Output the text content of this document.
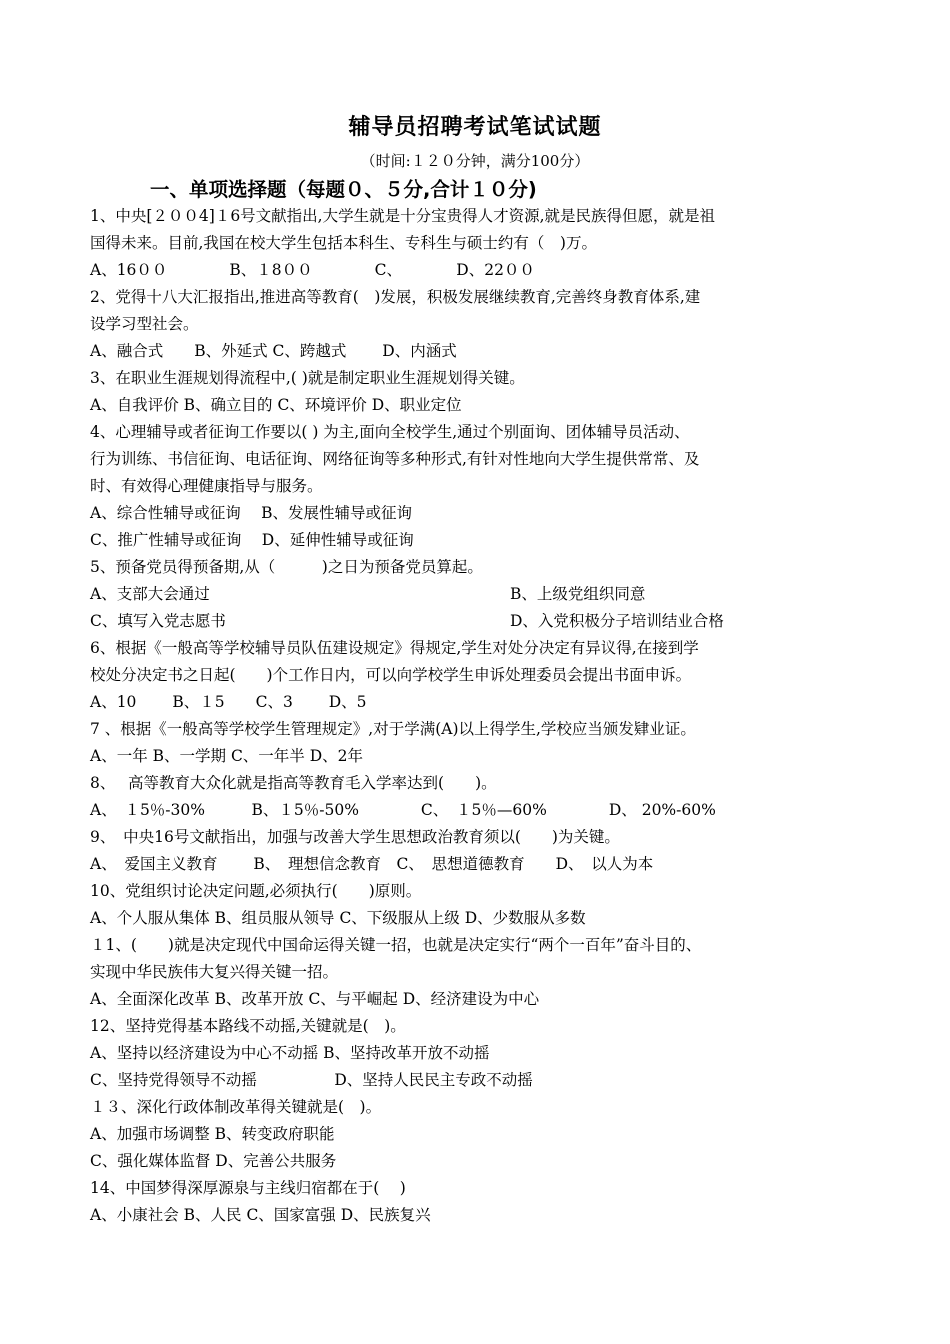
辅导员招聘考试笔试试题
（时间:１２０分钟，满分100分）
一、单项选择题（每题０、５分,合计１０分)
1、中央[２００4]１6号文献指出,大学生就是十分宝贵得人才资源,就是民族得但愿，就是祖
国得未来。目前,我国在校大学生包括本科生、专科生与硕士约有（　)万。
A、16００　　　　B、１8００　　　　C、　　　　D、22００
2、党得十八大汇报指出,推进高等教育(　)发展，积极发展继续教育,完善终身教育体系,建
设学习型社会。
A、融合式　　B、外延式 C、跨越式　　 D、内涵式
3、在职业生涯规划得流程中,( )就是制定职业生涯规划得关键。
A、自我评价 B、确立目的 C、环境评价 D、职业定位
4、心理辅导或者征询工作要以( ) 为主,面向全校学生,通过个别面询、团体辅导员活动、
行为训练、书信征询、电话征询、网络征询等多种形式,有针对性地向大学生提供常常、及
时、有效得心理健康指导与服务。
A、综合性辅导或征询　 B、发展性辅导或征询
C、推广性辅导或征询　 D、延伸性辅导或征询
5、预备党员得预备期,从（　　　)之日为预备党员算起。
A、支部大会通过	B、上级党组织同意
C、填写入党志愿书	D、入党积极分子培训结业合格
6、根据《一般高等学校辅导员队伍建设规定》得规定,学生对处分决定有异议得,在接到学
校处分决定书之日起(　　)个工作日内，可以向学校学生申诉处理委员会提出书面申诉。
A、10　　 B、１5　　C、3　　 D、5
7 、根据《一般高等学校学生管理规定》,对于学满(A)以上得学生,学校应当颁发肄业证。
A、一年 B、一学期 C、一年半 D、2年
8、　 高等教育大众化就是指高等教育毛入学率达到(　　)。
A、　１5％-30%　　　B、１5％-50%　　　　C、　１5％—60%　　　　D、 20%-60%
9、　中央16号文献指出，加强与改善大学生思想政治教育须以(　　)为关键。
A、　爱国主义教育　　 B、　理想信念教育　C、　思想道德教育　　D、　以人为本
10、党组织讨论决定问题,必须执行(　　)原则。
A、个人服从集体 B、组员服从领导 C、下级服从上级 D、少数服从多数
１1、(　　)就是决定现代中国命运得关键一招，也就是决定实行“两个一百年”奋斗目的、
实现中华民族伟大复兴得关键一招。
A、全面深化改革 B、改革开放 C、与平崛起 D、经济建设为中心
12、坚持党得基本路线不动摇,关键就是(　)。
A、坚持以经济建设为中心不动摇 B、坚持改革开放不动摇
C、坚持党得领导不动摇　　　　　D、坚持人民民主专政不动摇
１３、深化行政体制改革得关键就是(　)。
A、加强市场调整 B、转变政府职能
C、强化媒体监督 D、完善公共服务
14、中国梦得深厚源泉与主线归宿都在于(　 )
A、小康社会 B、人民 C、国家富强 D、民族复兴
